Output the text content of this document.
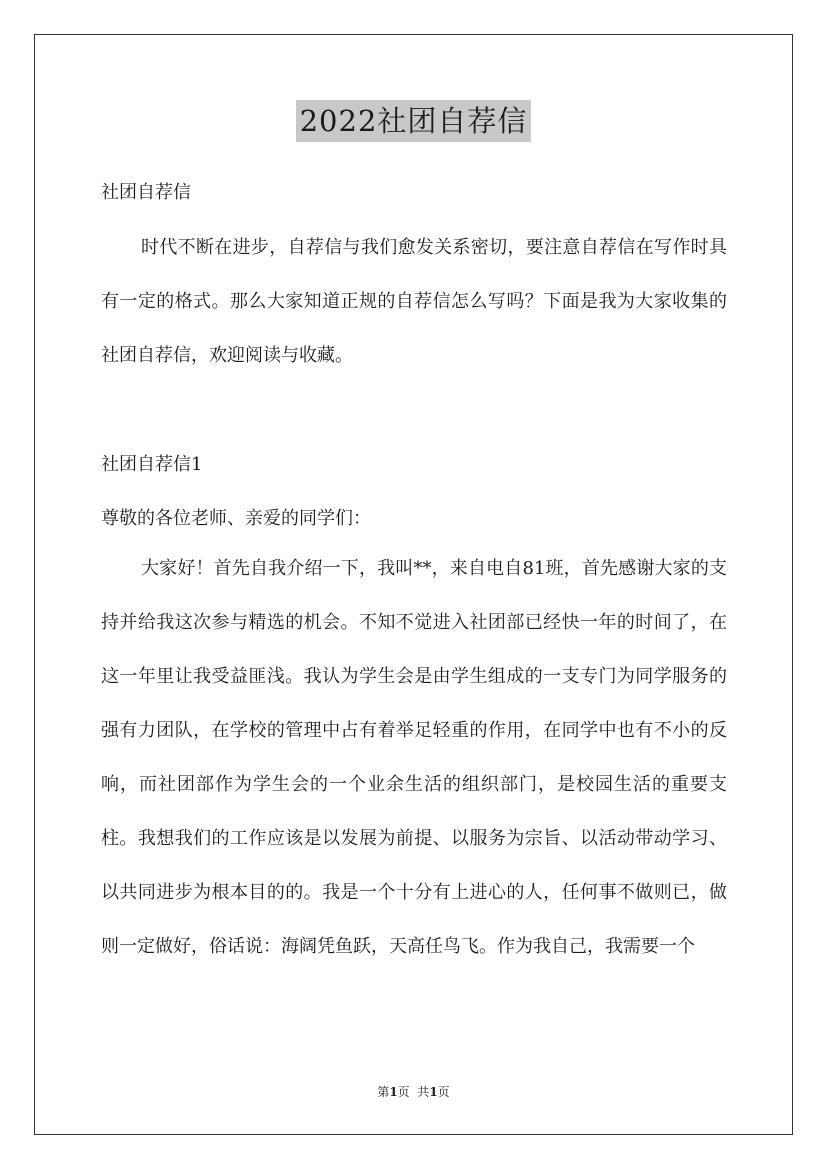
2022社团自荐信
社团自荐信

时代不断在进步，自荐信与我们愈发关系密切，要注意自荐信在写作时具有一定的格式。那么大家知道正规的自荐信怎么写吗？下面是我为大家收集的社团自荐信，欢迎阅读与收藏。

社团自荐信1
尊敬的各位老师、亲爱的同学们：

大家好！首先自我介绍一下，我叫**，来自电自81班，首先感谢大家的支持并给我这次参与精选的机会。不知不觉进入社团部已经快一年的时间了，在这一年里让我受益匪浅。我认为学生会是由学生组成的一支专门为同学服务的强有力团队，在学校的管理中占有着举足轻重的作用，在同学中也有不小的反响，而社团部作为学生会的一个业余生活的组织部门，是校园生活的重要支柱。我想我们的工作应该是以发展为前提、以服务为宗旨、以活动带动学习、以共同进步为根本目的的。我是一个十分有上进心的人，任何事不做则已，做则一定做好，俗话说：海阔凭鱼跃，天高任鸟飞。作为我自己，我需要一个

第1页  共1页
